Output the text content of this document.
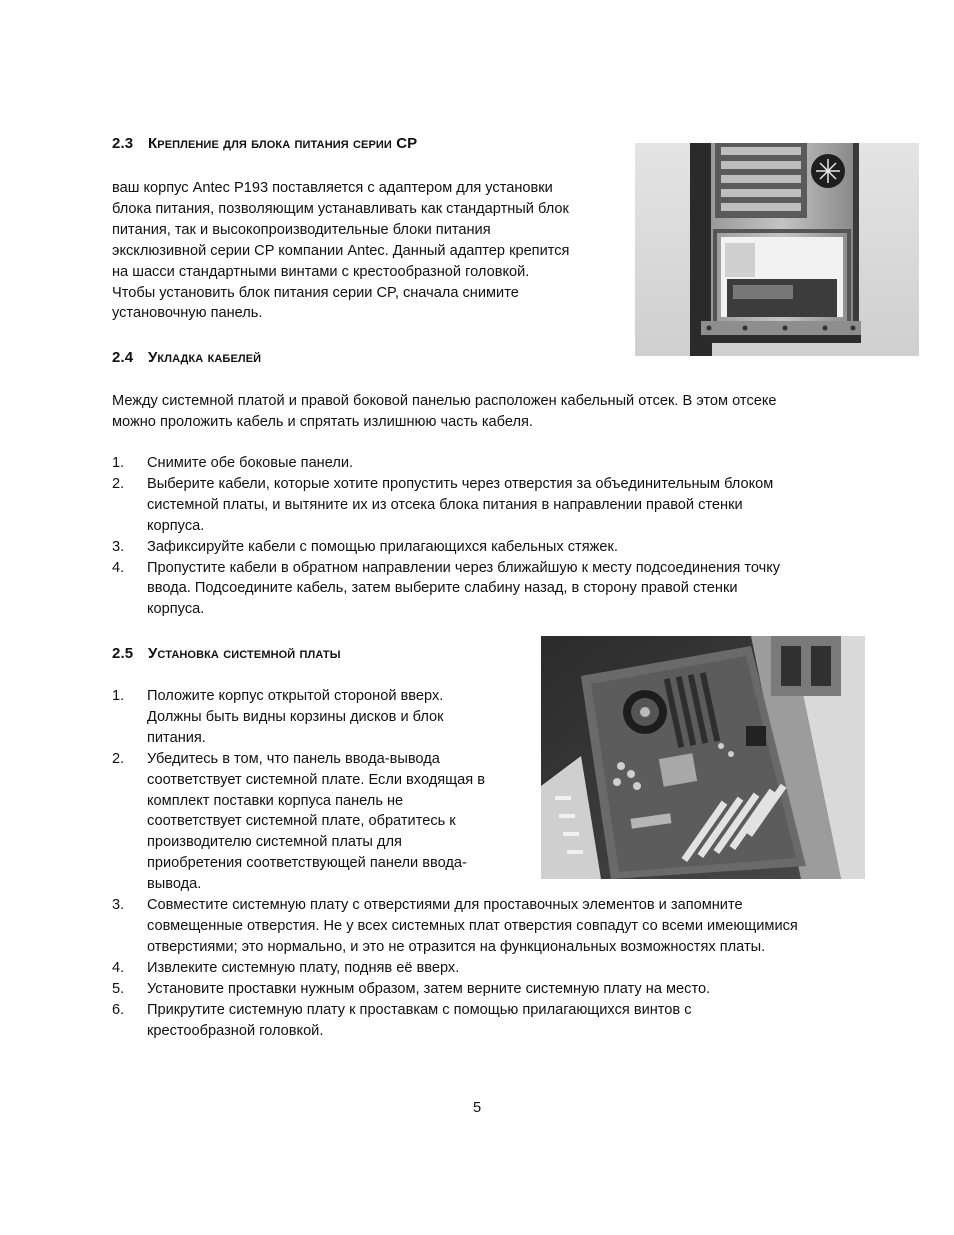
2.3 Крепление для блока питания серии CP
ваш корпус Antec P193 поставляется с адаптером для установки
блока питания, позволяющим устанавливать как стандартный блок
питания, так и высокопроизводительные блоки питания
эксклюзивной серии CP компании Antec. Данный адаптер крепится
на шасси стандартными винтами с крестообразной головкой.
Чтобы установить блок питания серии CP, сначала снимите
установочную панель.
2.4 Укладка кабелей
Между системной платой и правой боковой панелью расположен кабельный отсек. В этом отсеке
можно проложить кабель и спрятать излишнюю часть кабеля.
1. Снимите обе боковые панели.
2. Выберите кабели, которые хотите пропустить через отверстия за объединительным блоком
системной платы, и вытяните их из отсека блока питания в направлении правой стенки
корпуса.
3. Зафиксируйте кабели с помощью прилагающихся кабельных стяжек.
4. Пропустите кабели в обратном направлении через ближайшую к месту подсоединения точку
ввода. Подсоедините кабель, затем выберите слабину назад, в сторону правой стенки
корпуса.
2.5 Установка системной платы
1. Положите корпус открытой стороной вверх.
Должны быть видны корзины дисков и блок
питания.
2. Убедитесь в том, что панель ввода-вывода
соответствует системной плате. Если входящая в
комплект поставки корпуса панель не
соответствует системной плате, обратитесь к
производителю системной платы для
приобретения соответствующей панели ввода-
вывода.
3. Совместите системную плату с отверстиями для проставочных элементов и запомните
совмещенные отверстия. Не у всех системных плат отверстия совпадут со всеми имеющимися
отверстиями; это нормально, и это не отразится на функциональных возможностях платы.
4. Извлеките системную плату, подняв её вверх.
5. Установите проставки нужным образом, затем верните системную плату на место.
6. Прикрутите системную плату к проставкам с помощью прилагающихся винтов с
крестообразной головкой.
5
